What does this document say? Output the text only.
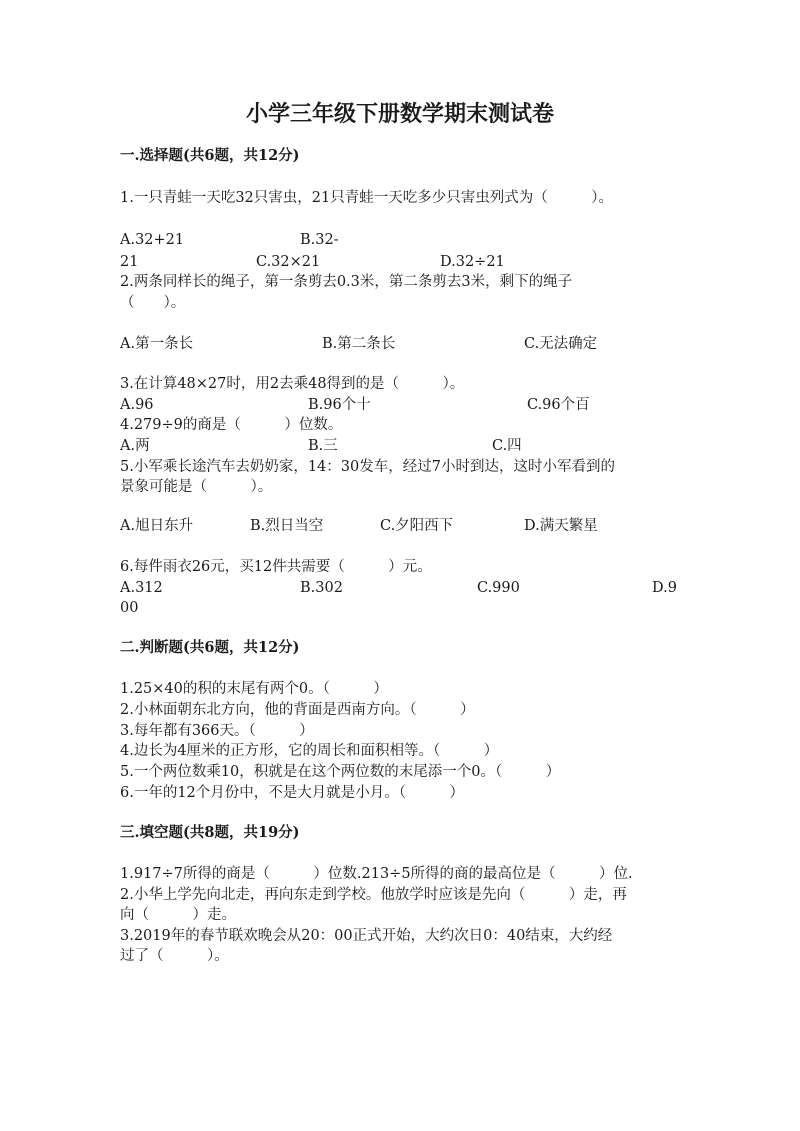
小学三年级下册数学期末测试卷
一.选择题(共6题，共12分)
1.一只青蛙一天吃32只害虫，21只青蛙一天吃多少只害虫列式为（　　　）。
A.32+21	B.32-
21	C.32×21	D.32÷21
2.两条同样长的绳子，第一条剪去0.3米，第二条剪去3米，剩下的绳子
（　　）。
A.第一条长	B.第二条长	C.无法确定
3.在计算48×27时，用2去乘48得到的是（　　　）。
A.96	B.96个十	C.96个百
4.279÷9的商是（　　　）位数。
A.两	B.三	C.四
5.小军乘长途汽车去奶奶家，14：30发车，经过7小时到达，这时小军看到的
景象可能是（　　　）。
A.旭日东升	B.烈日当空	C.夕阳西下	D.满天繁星
6.每件雨衣26元，买12件共需要（　　　）元。
A.312	B.302	C.990	D.9
00
二.判断题(共6题，共12分)
1.25×40的积的末尾有两个0。（　　　）
2.小林面朝东北方向，他的背面是西南方向。（　　　）
3.每年都有366天。（　　　）
4.边长为4厘米的正方形，它的周长和面积相等。（　　　）
5.一个两位数乘10，积就是在这个两位数的末尾添一个0。（　　　）
6.一年的12个月份中，不是大月就是小月。（　　　）
三.填空题(共8题，共19分)
1.917÷7所得的商是（　　　）位数.213÷5所得的商的最高位是（　　　）位.
2.小华上学先向北走，再向东走到学校。他放学时应该是先向（　　　）走，再
向（　　　）走。
3.2019年的春节联欢晚会从20：00正式开始，大约次日0：40结束，大约经
过了（　　　）。
